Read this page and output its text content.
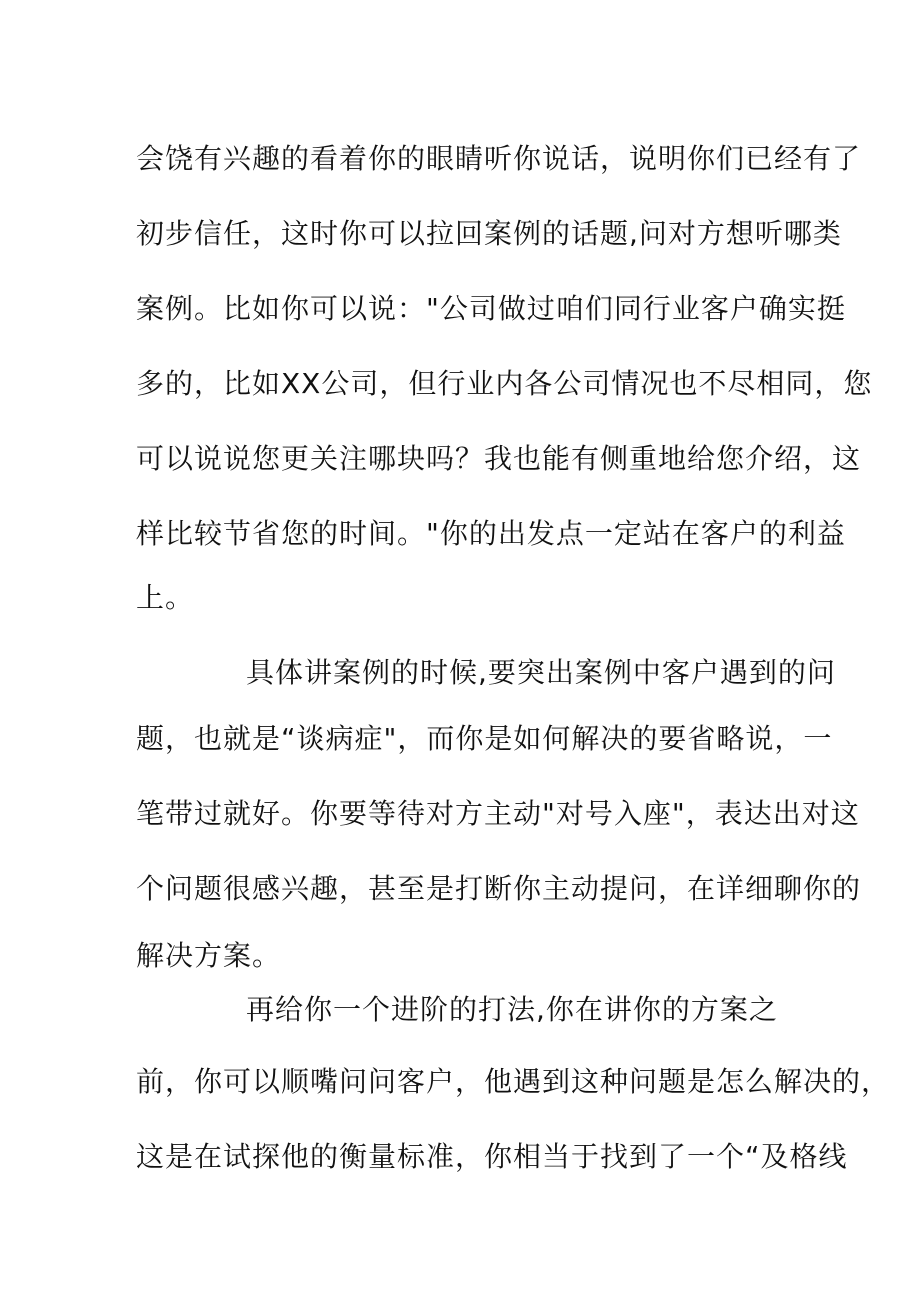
会饶有兴趣的看着你的眼睛听你说话，说明你们已经有了
初步信任，这时你可以拉回案例的话题,问对方想听哪类
案例。比如你可以说："公司做过咱们同行业客户确实挺
多的，比如XX公司，但行业内各公司情况也不尽相同，您
可以说说您更关注哪块吗？我也能有侧重地给您介绍，这
样比较节省您的时间。"你的出发点一定站在客户的利益
上。
具体讲案例的时候,要突出案例中客户遇到的问
题，也就是“谈病症"，而你是如何解决的要省略说，一
笔带过就好。你要等待对方主动"对号入座"，表达出对这
个问题很感兴趣，甚至是打断你主动提问，在详细聊你的
解决方案。
再给你一个进阶的打法,你在讲你的方案之
前，你可以顺嘴问问客户，他遇到这种问题是怎么解决的，
这是在试探他的衡量标准，你相当于找到了一个“及格线
